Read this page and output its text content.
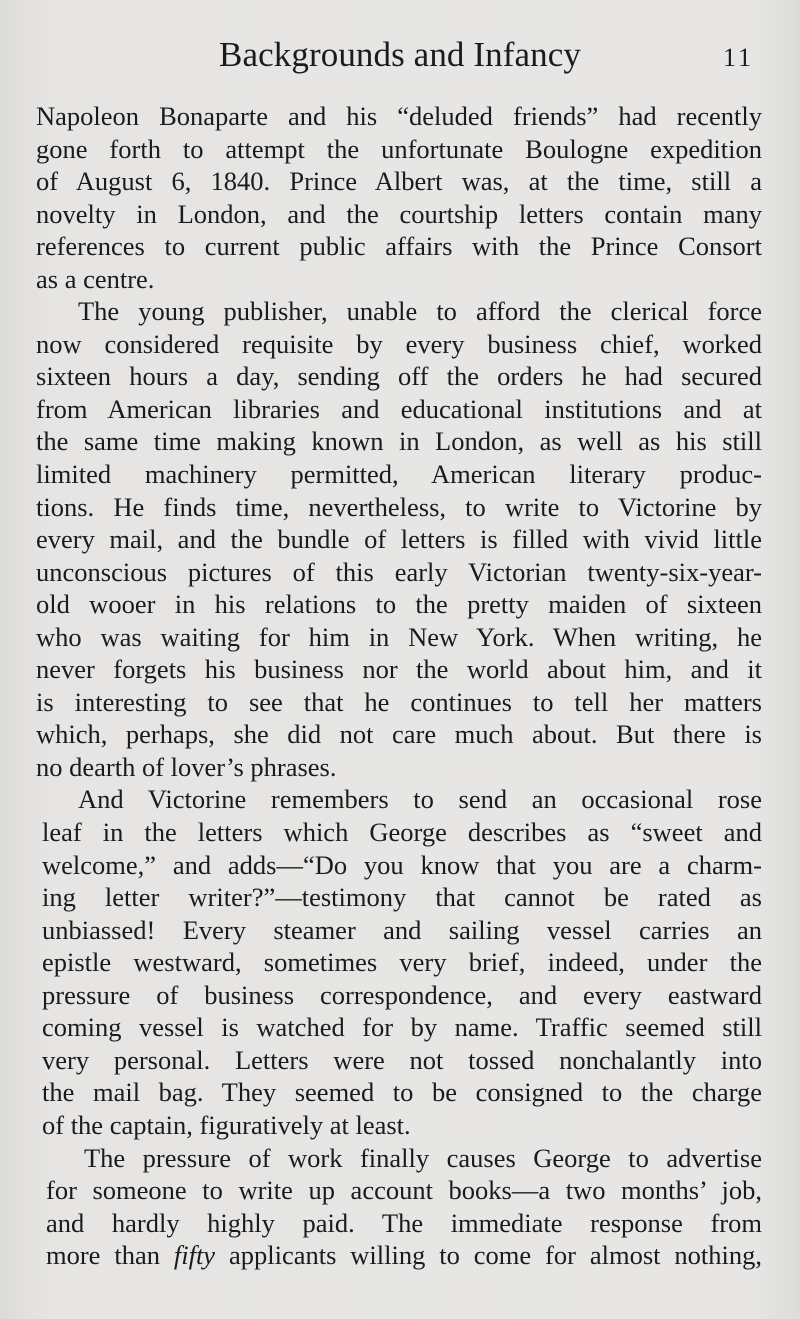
Backgrounds and Infancy	11
Napoleon Bonaparte and his “deluded friends” had recently
gone forth to attempt the unfortunate Boulogne expedition
of August 6, 1840. Prince Albert was, at the time, still a
novelty in London, and the courtship letters contain many
references to current public affairs with the Prince Consort
as a centre.
The young publisher, unable to afford the clerical force
now considered requisite by every business chief, worked
sixteen hours a day, sending off the orders he had secured
from American libraries and educational institutions and at
the same time making known in London, as well as his still
limited machinery permitted, American literary produc-
tions. He finds time, nevertheless, to write to Victorine by
every mail, and the bundle of letters is filled with vivid little
unconscious pictures of this early Victorian twenty-six-year-
old wooer in his relations to the pretty maiden of sixteen
who was waiting for him in New York. When writing, he
never forgets his business nor the world about him, and it
is interesting to see that he continues to tell her matters
which, perhaps, she did not care much about. But there is
no dearth of lover’s phrases.
And Victorine remembers to send an occasional rose
leaf in the letters which George describes as “sweet and
welcome,” and adds—“Do you know that you are a charm-
ing letter writer?”—testimony that cannot be rated as
unbiassed! Every steamer and sailing vessel carries an
epistle westward, sometimes very brief, indeed, under the
pressure of business correspondence, and every eastward
coming vessel is watched for by name. Traffic seemed still
very personal. Letters were not tossed nonchalantly into
the mail bag. They seemed to be consigned to the charge
of the captain, figuratively at least.
The pressure of work finally causes George to advertise
for someone to write up account books—a two months’ job,
and hardly highly paid. The immediate response from
more than fifty applicants willing to come for almost nothing,
